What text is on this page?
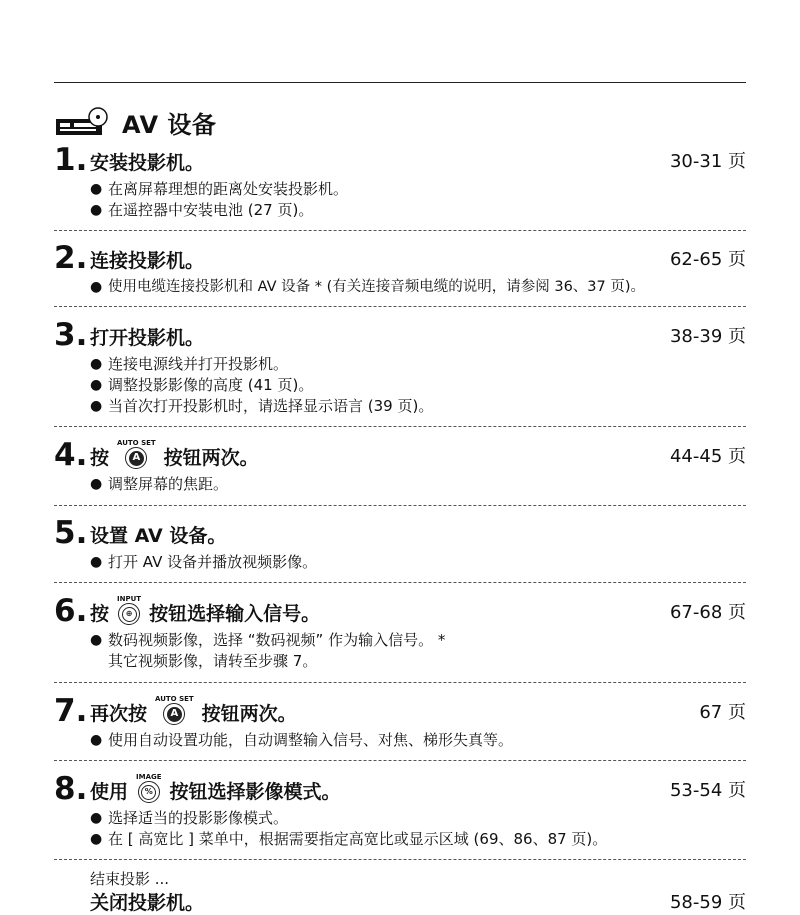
AV 设备
1. 安装投影机。	30-31 页
● 在离屏幕理想的距离处安装投影机。
● 在遥控器中安装电池 (27 页)。
2. 连接投影机。	62-65 页
● 使用电缆连接投影机和 AV 设备 * (有关连接音频电缆的说明，请参阅 36、37 页)。
3. 打开投影机。	38-39 页
● 连接电源线并打开投影机。
● 调整投影影像的高度 (41 页)。
● 当首次打开投影机时，请选择显示语言 (39 页)。
4. 按
AUTO SET
A 按钮两次。	44-45 页
● 调整屏幕的焦距。
5. 设置 AV 设备。
● 打开 AV 设备并播放视频影像。
6. 按
INPUT
⊕ 按钮选择输入信号。	67-68 页
● 数码视频影像，选择 “数码视频” 作为输入信号。 *
其它视频影像，请转至步骤 7。
7. 再次按
AUTO SET
A 按钮两次。	67 页
● 使用自动设置功能，自动调整输入信号、对焦、梯形失真等。
8. 使用
IMAGE
% 按钮选择影像模式。	53-54 页
● 选择适当的投影影像模式。
● 在 [ 高宽比 ] 菜单中，根据需要指定高宽比或显示区域 (69、86、87 页)。
结束投影 ...
关闭投影机。	58-59 页
